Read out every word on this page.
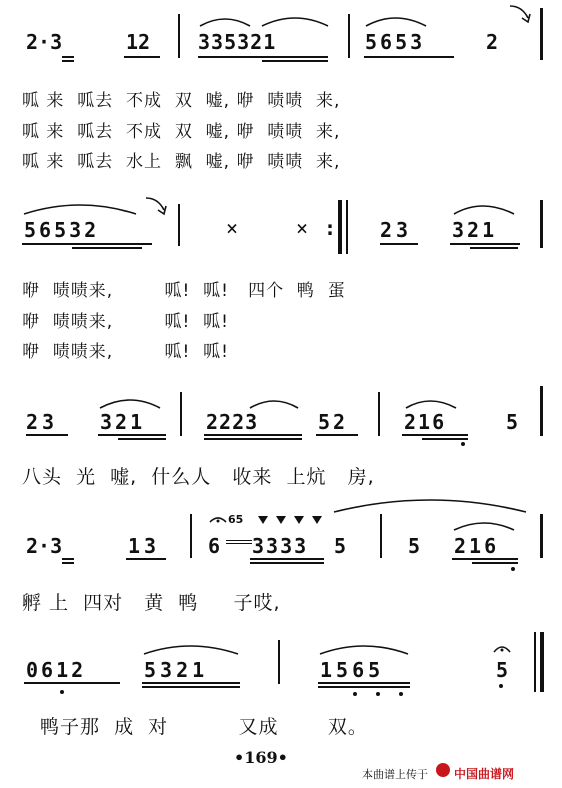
2·3	12 335321	5653	2
呱 来  呱去  不成  双  嘘, 咿  啧啧  来,
呱 来  呱去  不成  双  嘘, 咿  啧啧  来,
呱 来  呱去  水上  飘  嘘, 咿  啧啧  来,
56532	×	× : 23 321
咿  啧啧来,        呱!  呱!   四个  鸭  蛋
咿  啧啧来,        呱!  呱!
咿  啧啧来,        呱!  呱!
23 321	2223	52	216	5
八头  光  嘘,  什么人   收来  上炕   房,
2·3	13 6
65
3333 5	5 216
孵 上  四对   黄  鸭     子哎,
0612	5321	1565	5
鸭子那  成  对          又成       双。
•169•
本曲谱上传于 中国曲谱网
